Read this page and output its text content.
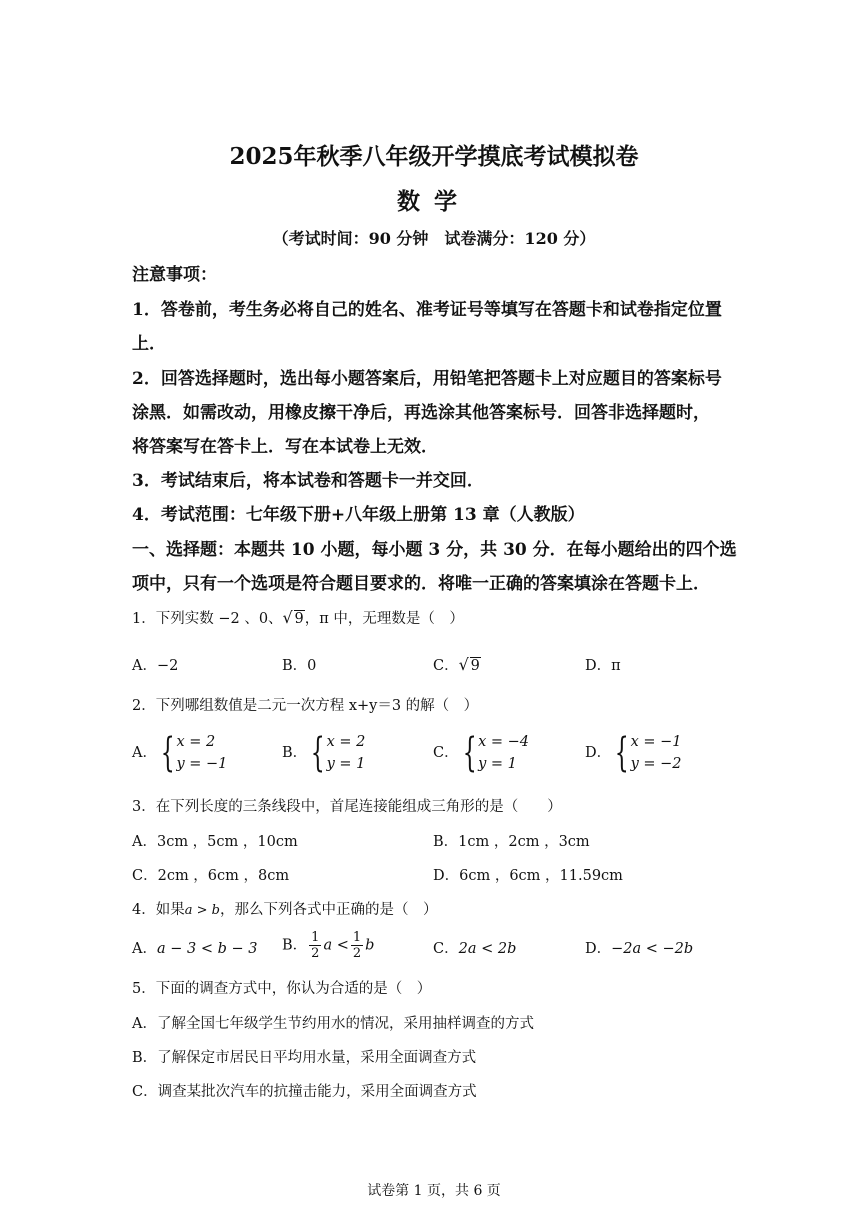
2025年秋季八年级开学摸底考试模拟卷
数学
（考试时间：90 分钟　试卷满分：120 分）
注意事项：
1．答卷前，考生务必将自己的姓名、准考证号等填写在答题卡和试卷指定位置
上．
2．回答选择题时，选出每小题答案后，用铅笔把答题卡上对应题目的答案标号
涂黑．如需改动，用橡皮擦干净后，再选涂其他答案标号．回答非选择题时，
将答案写在答卡上．写在本试卷上无效．
3．考试结束后，将本试卷和答题卡一并交回．
4．考试范围：七年级下册+八年级上册第 13 章（人教版）
一、选择题：本题共 10 小题，每小题 3 分，共 30 分．在每小题给出的四个选
项中，只有一个选项是符合题目要求的．将唯一正确的答案填涂在答题卡上．
1．下列实数 −2 、0、 √ 9，π 中，无理数是（　）
A．−2	B．0	C． √ 9	D．π
2．下列哪组数值是二元一次方程 x+y＝3 的解（　）
A． { x = 2
y = −1
B． { x = 2
y = 1
C． { x = −4
y = 1
D． { x = −1
y = −2
3．在下列长度的三条线段中，首尾连接能组成三角形的是（　　）
A．3cm ，5cm ，10cm	B．1cm ，2cm ，3cm
C．2cm ，6cm ，8cm	D．6cm ，6cm ，11.59cm
4．如果a > b，那么下列各式中正确的是（　）
A．a − 3 < b − 3 B． $\frac{1}{2}$ $a < \frac{1}{2}$ b	C．2a < 2b	D．−2a < −2b
5．下面的调查方式中，你认为合适的是（　）
A．了解全国七年级学生节约用水的情况，采用抽样调查的方式
B．了解保定市居民日平均用水量，采用全面调查方式
C．调查某批次汽车的抗撞击能力，采用全面调查方式
试卷第 1 页，共 6 页
